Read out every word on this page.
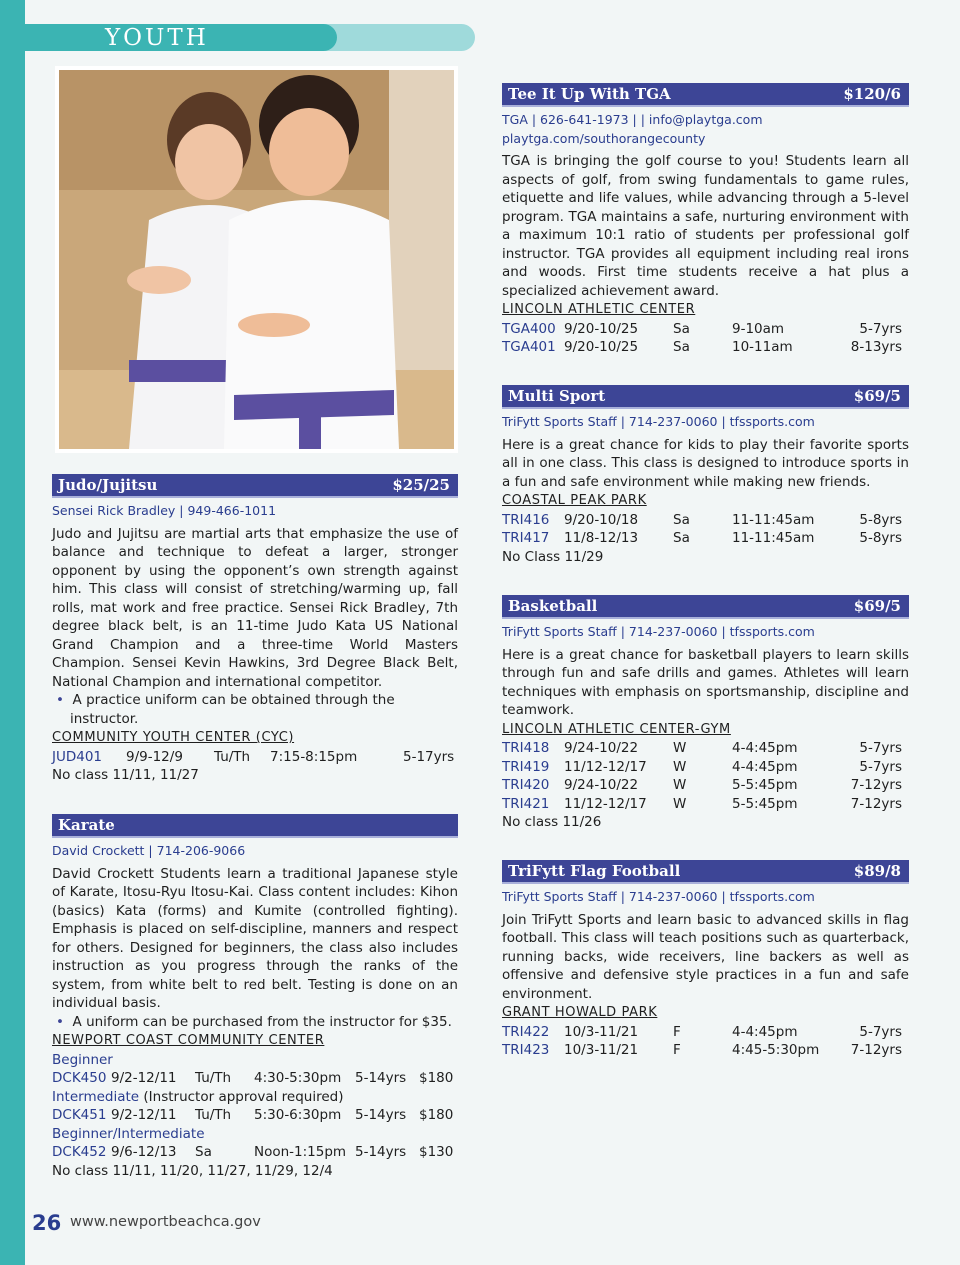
YOUTH
Judo/Jujitsu	$25/25
Sensei Rick Bradley | 949-466-1011
Judo and Jujitsu are martial arts that emphasize the use of balance and technique to defeat a larger, stronger opponent by using the opponent’s own strength against him. This class will consist of stretching/warming up, fall rolls, mat work and free practice. Sensei Rick Bradley, 7th degree black belt, is an 11-time Judo Kata US National Grand Champion and a three-time World Masters Champion. Sensei Kevin Hawkins, 3rd Degree Black Belt, National Champion and international competitor.
•  A practice uniform can be obtained through the instructor.
COMMUNITY YOUTH CENTER (CYC)
JUD401 9/9-12/9 Tu/Th 7:15-8:15pm	5-17yrs
No class 11/11, 11/27
Karate
David Crockett | 714-206-9066
David Crockett Students learn a traditional Japanese style of Karate, Itosu-Ryu Itosu-Kai. Class content includes: Kihon (basics) Kata (forms) and Kumite (controlled fighting). Emphasis is placed on self-discipline, manners and respect for others. Designed for beginners, the class also includes instruction as you progress through the ranks of the system, from white belt to red belt. Testing is done on an individual basis.
•  A uniform can be purchased from the instructor for $35.
NEWPORT COAST COMMUNITY CENTER
Beginner
DCK450 9/2-12/11 Tu/Th 4:30-5:30pm 5-14yrs $180
Intermediate (Instructor approval required)
DCK451 9/2-12/11 Tu/Th 5:30-6:30pm 5-14yrs $180
Beginner/Intermediate
DCK452 9/6-12/13 Sa	Noon-1:15pm 5-14yrs $130
No class 11/11, 11/20, 11/27, 11/29, 12/4
Tee It Up With TGA	$120/6
TGA | 626-641-1973 | | info@playtga.com
playtga.com/southorangecounty
TGA is bringing the golf course to you! Students learn all aspects of golf, from swing fundamentals to game rules, etiquette and life values, while advancing through a 5-level program. TGA maintains a safe, nurturing environment with a maximum 10:1 ratio of students per professional golf instructor. TGA provides all equipment including real irons and woods. First time students receive a hat plus a specialized achievement award.
LINCOLN ATHLETIC CENTER
TGA400 9/20-10/25	Sa	9-10am	5-7yrs
TGA401 9/20-10/25	Sa	10-11am	8-13yrs
Multi Sport	$69/5
TriFytt Sports Staff | 714-237-0060 | tfssports.com
Here is a great chance for kids to play their favorite sports all in one class. This class is designed to introduce sports in a fun and safe environment while making new friends.
COASTAL PEAK PARK
TRI416 9/20-10/18	Sa	11-11:45am	5-8yrs
TRI417 11/8-12/13	Sa	11-11:45am	5-8yrs
No Class 11/29
Basketball	$69/5
TriFytt Sports Staff | 714-237-0060 | tfssports.com
Here is a great chance for basketball players to learn skills through fun and safe drills and games. Athletes will learn techniques with emphasis on sportsmanship, discipline and teamwork.
LINCOLN ATHLETIC CENTER-GYM
TRI418 9/24-10/22	W	4-4:45pm	5-7yrs
TRI419 11/12-12/17 W	4-4:45pm	5-7yrs
TRI420 9/24-10/22	W	5-5:45pm	7-12yrs
TRI421 11/12-12/17 W	5-5:45pm	7-12yrs
No class 11/26
TriFytt Flag Football	$89/8
TriFytt Sports Staff | 714-237-0060 | tfssports.com
Join TriFytt Sports and learn basic to advanced skills in flag football. This class will teach positions such as quarterback, running backs, wide receivers, line backers as well as offensive and defensive style practices in a fun and safe environment.
GRANT HOWALD PARK
TRI422 10/3-11/21	F	4-4:45pm	5-7yrs
TRI423 10/3-11/21	F	4:45-5:30pm 7-12yrs
26 www.newportbeachca.gov
